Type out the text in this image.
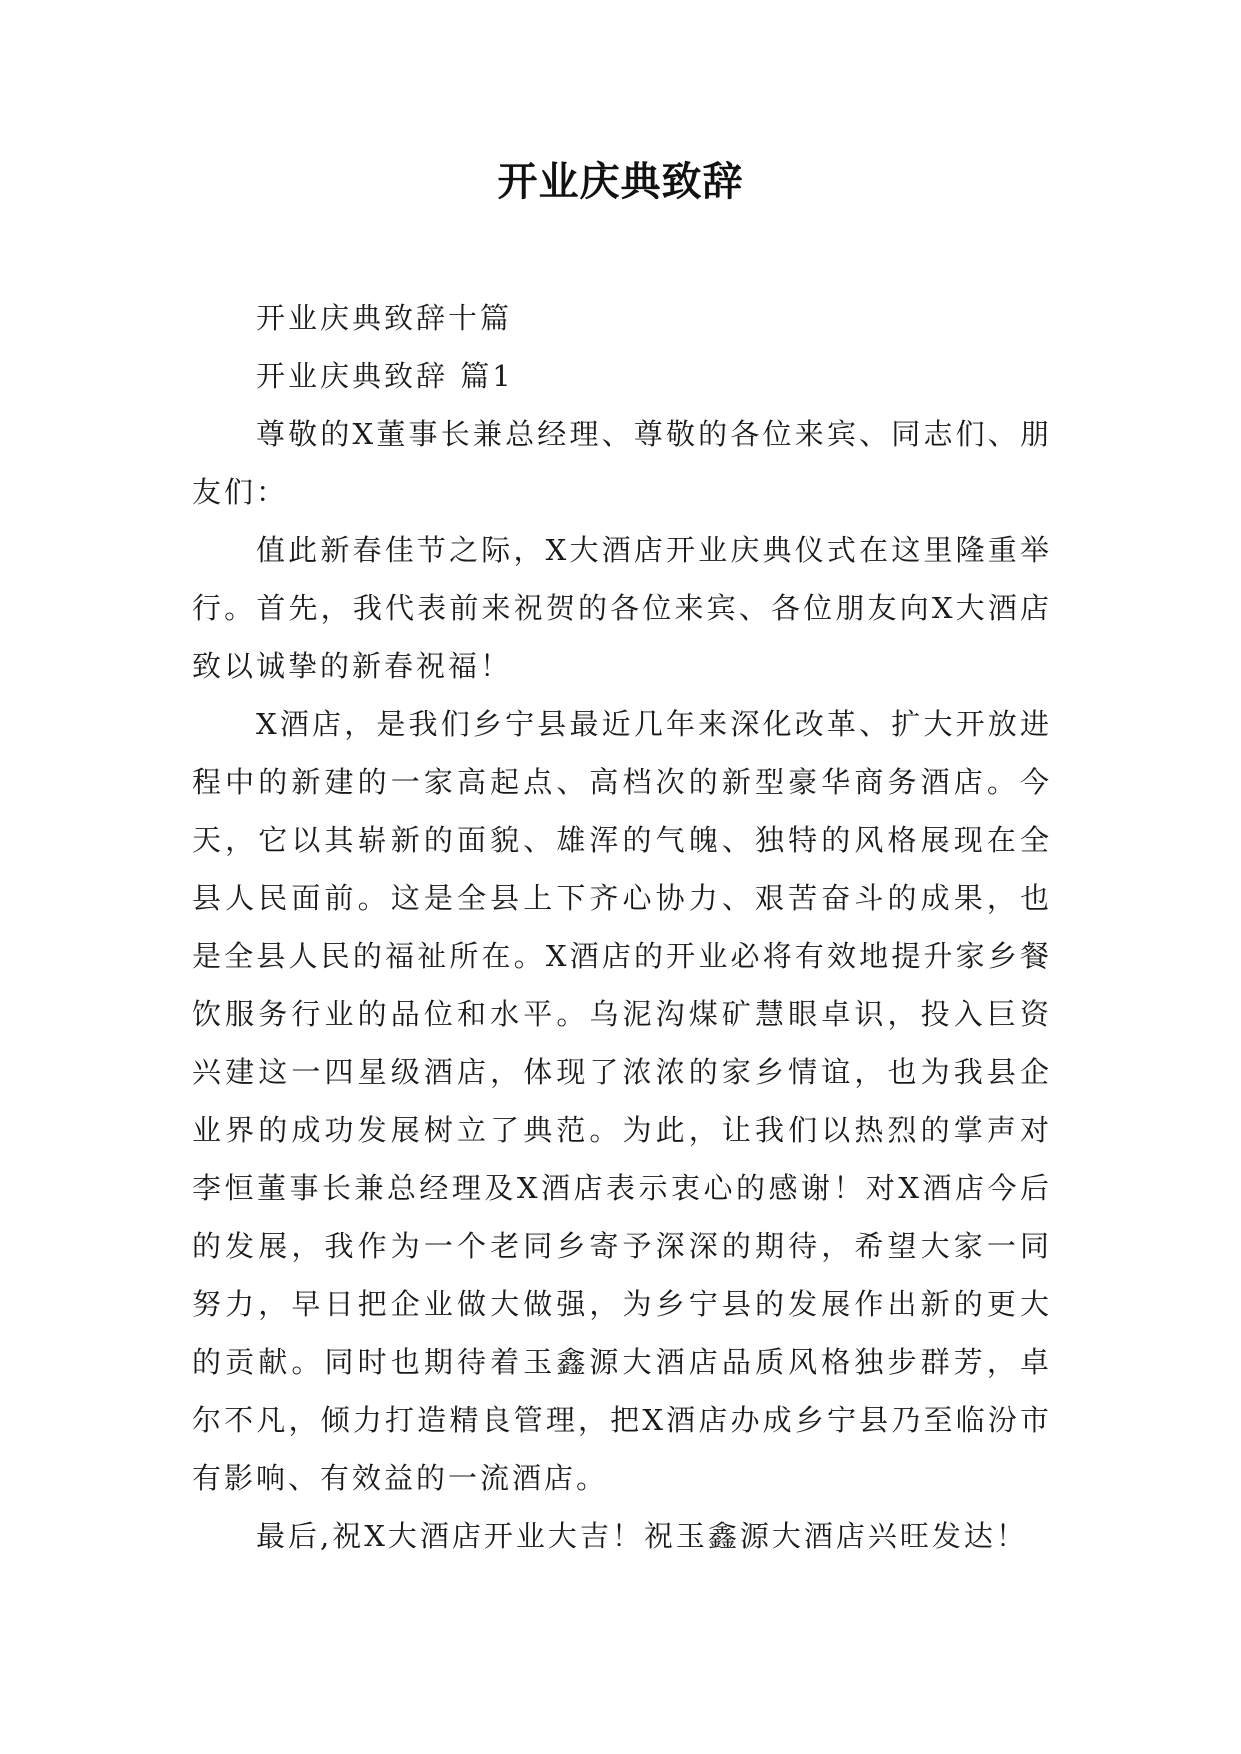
开业庆典致辞

开业庆典致辞十篇

开业庆典致辞 篇1

尊敬的X董事长兼总经理、尊敬的各位来宾、同志们、朋友们：

值此新春佳节之际，X大酒店开业庆典仪式在这里隆重举行。首先，我代表前来祝贺的各位来宾、各位朋友向X大酒店致以诚挚的新春祝福！

X酒店，是我们乡宁县最近几年来深化改革、扩大开放进程中的新建的一家高起点、高档次的新型豪华商务酒店。今天，它以其崭新的面貌、雄浑的气魄、独特的风格展现在全县人民面前。这是全县上下齐心协力、艰苦奋斗的成果，也是全县人民的福祉所在。X酒店的开业必将有效地提升家乡餐饮服务行业的品位和水平。乌泥沟煤矿慧眼卓识，投入巨资兴建这一四星级酒店，体现了浓浓的家乡情谊，也为我县企业界的成功发展树立了典范。为此，让我们以热烈的掌声对李恒董事长兼总经理及X酒店表示衷心的感谢！对X酒店今后的发展，我作为一个老同乡寄予深深的期待，希望大家一同努力，早日把企业做大做强，为乡宁县的发展作出新的更大的贡献。同时也期待着玉鑫源大酒店品质风格独步群芳，卓尔不凡，倾力打造精良管理，把X酒店办成乡宁县乃至临汾市有影响、有效益的一流酒店。

最后,祝X大酒店开业大吉！祝玉鑫源大酒店兴旺发达！
